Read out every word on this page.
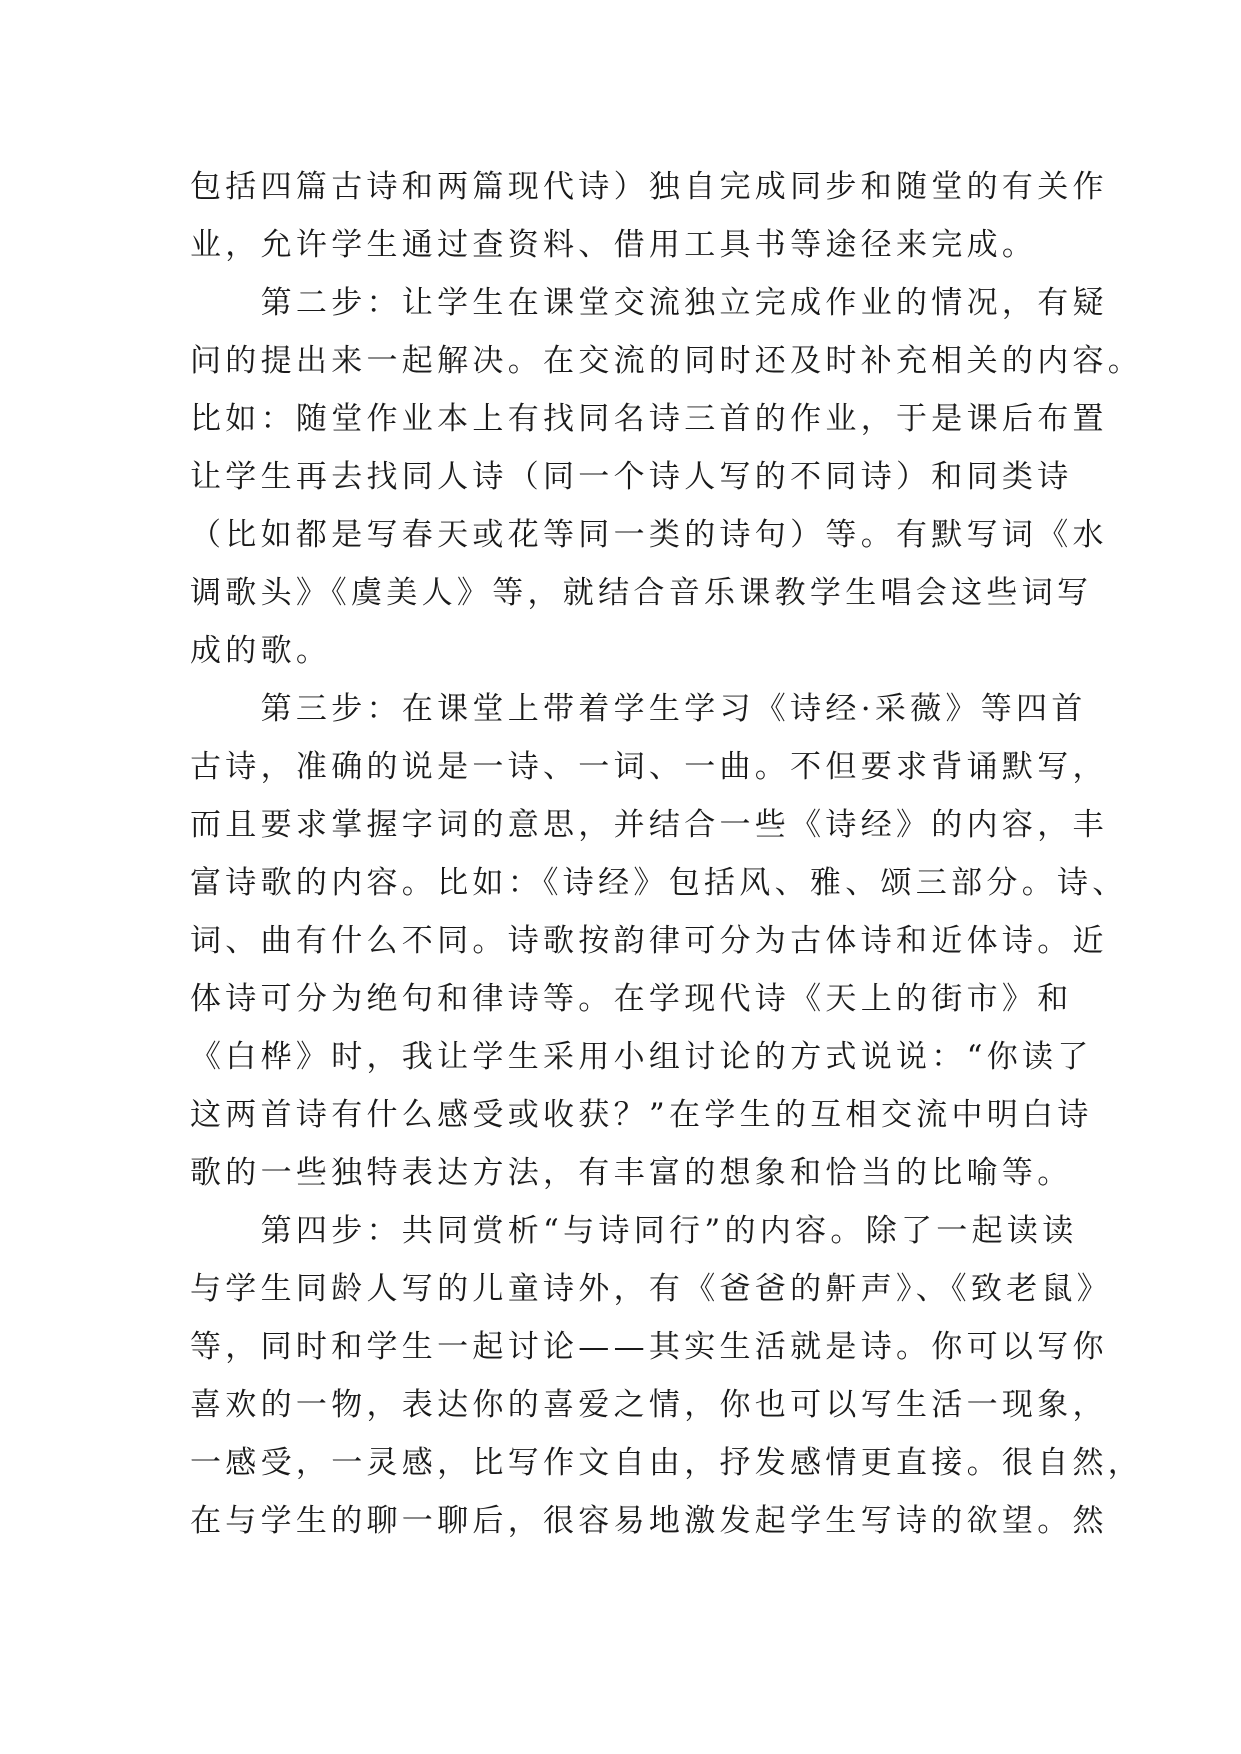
包括四篇古诗和两篇现代诗）独自完成同步和随堂的有关作
业，允许学生通过查资料、借用工具书等途径来完成。
　　第二步：让学生在课堂交流独立完成作业的情况，有疑
问的提出来一起解决。在交流的同时还及时补充相关的内容。
比如：随堂作业本上有找同名诗三首的作业，于是课后布置
让学生再去找同人诗（同一个诗人写的不同诗）和同类诗
（比如都是写春天或花等同一类的诗句）等。有默写词《水
调歌头》《虞美人》等，就结合音乐课教学生唱会这些词写
成的歌。
　　第三步：在课堂上带着学生学习《诗经·采薇》等四首
古诗，准确的说是一诗、一词、一曲。不但要求背诵默写，
而且要求掌握字词的意思，并结合一些《诗经》的内容，丰
富诗歌的内容。比如：《诗经》包括风、雅、颂三部分。诗、
词、曲有什么不同。诗歌按韵律可分为古体诗和近体诗。近
体诗可分为绝句和律诗等。在学现代诗《天上的街市》和
《白桦》时，我让学生采用小组讨论的方式说说：“你读了
这两首诗有什么感受或收获？”在学生的互相交流中明白诗
歌的一些独特表达方法，有丰富的想象和恰当的比喻等。
　　第四步：共同赏析“与诗同行”的内容。除了一起读读
与学生同龄人写的儿童诗外，有《爸爸的鼾声》、《致老鼠》
等，同时和学生一起讨论——其实生活就是诗。你可以写你
喜欢的一物，表达你的喜爱之情，你也可以写生活一现象，
一感受，一灵感，比写作文自由，抒发感情更直接。很自然，
在与学生的聊一聊后，很容易地激发起学生写诗的欲望。然
